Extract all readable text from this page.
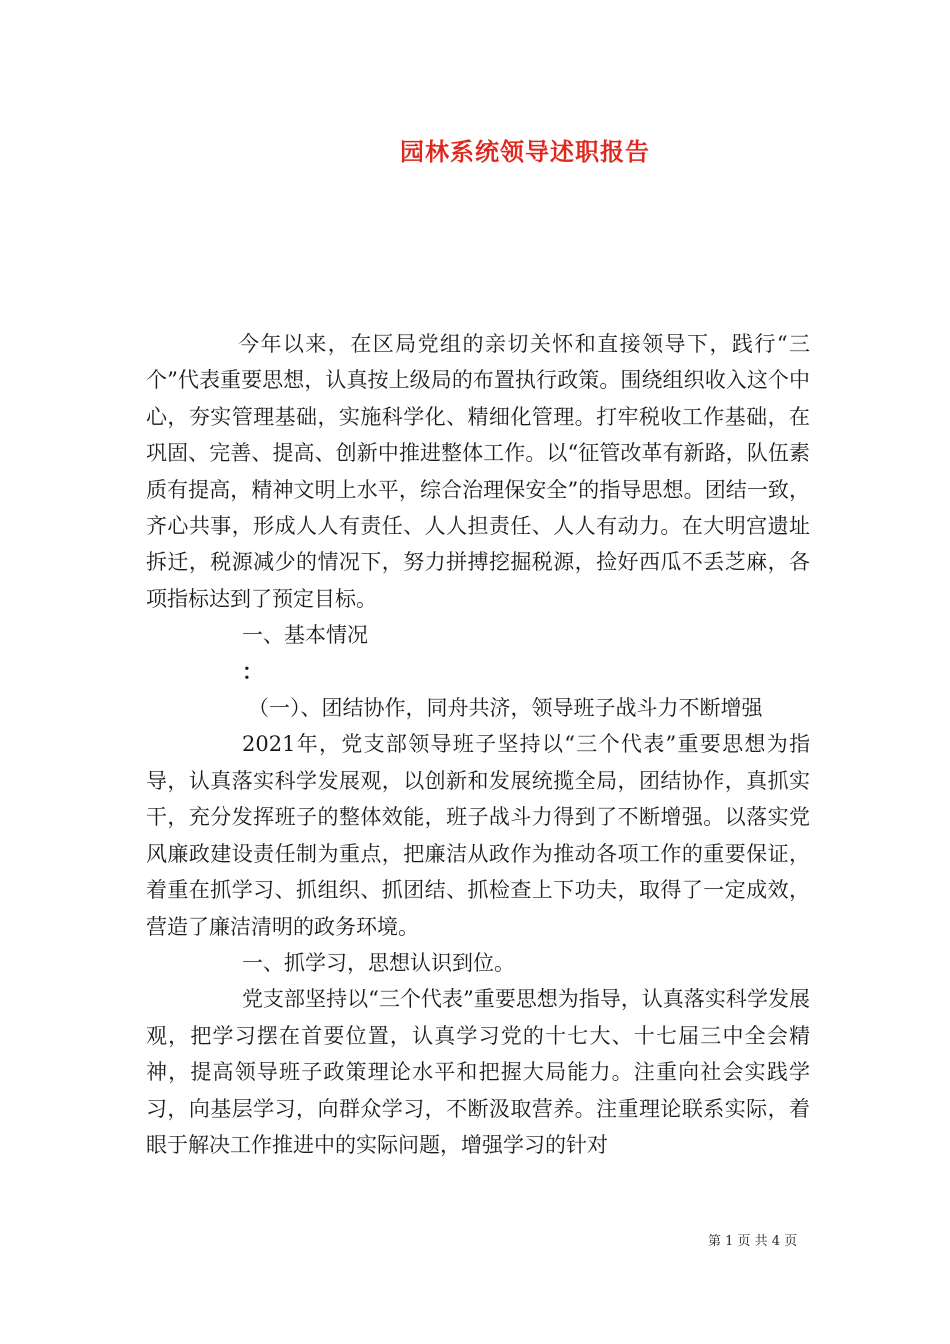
园林系统领导述职报告

今年以来，在区局党组的亲切关怀和直接领导下，践行“三个”代表重要思想，认真按上级局的布置执行政策。围绕组织收入这个中心，夯实管理基础，实施科学化、精细化管理。打牢税收工作基础，在巩固、完善、提高、创新中推进整体工作。以“征管改革有新路，队伍素质有提高，精神文明上水平，综合治理保安全”的指导思想。团结一致，齐心共事，形成人人有责任、人人担责任、人人有动力。在大明宫遗址拆迁，税源减少的情况下，努力拼搏挖掘税源，捡好西瓜不丢芝麻，各项指标达到了预定目标。

一、基本情况

：

（一）、团结协作，同舟共济，领导班子战斗力不断增强

2021年，党支部领导班子坚持以“三个代表”重要思想为指导，认真落实科学发展观，以创新和发展统揽全局，团结协作，真抓实干，充分发挥班子的整体效能，班子战斗力得到了不断增强。以落实党风廉政建设责任制为重点，把廉洁从政作为推动各项工作的重要保证，着重在抓学习、抓组织、抓团结、抓检查上下功夫，取得了一定成效，营造了廉洁清明的政务环境。

一、抓学习，思想认识到位。

党支部坚持以“三个代表”重要思想为指导，认真落实科学发展观，把学习摆在首要位置，认真学习党的十七大、十七届三中全会精神，提高领导班子政策理论水平和把握大局能力。注重向社会实践学习，向基层学习，向群众学习，不断汲取营养。注重理论联系实际，着眼于解决工作推进中的实际问题，增强学习的针对

第 1 页 共 4 页
